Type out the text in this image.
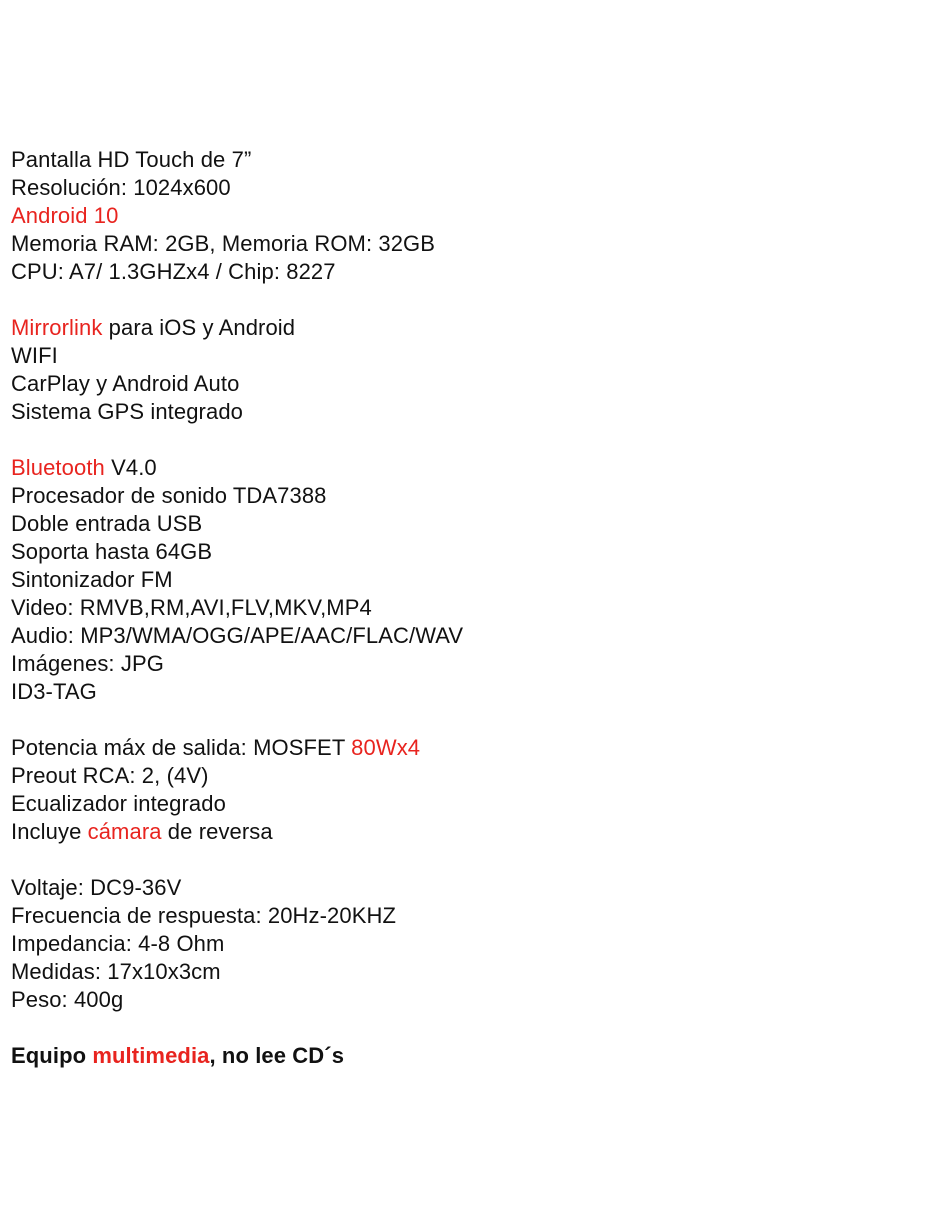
Pantalla HD Touch de 7”
Resolución: 1024x600
Android 10
Memoria RAM: 2GB, Memoria ROM: 32GB
CPU: A7/ 1.3GHZx4 / Chip: 8227
Mirrorlink para iOS y Android
WIFI
CarPlay y Android Auto
Sistema GPS integrado
Bluetooth V4.0
Procesador de sonido TDA7388
Doble entrada USB
Soporta hasta 64GB
Sintonizador FM
Video: RMVB,RM,AVI,FLV,MKV,MP4
Audio: MP3/WMA/OGG/APE/AAC/FLAC/WAV
Imágenes: JPG
ID3-TAG
Potencia máx de salida: MOSFET 80Wx4
Preout RCA: 2, (4V)
Ecualizador integrado
Incluye cámara de reversa
Voltaje: DC9-36V
Frecuencia de respuesta: 20Hz-20KHZ
Impedancia: 4-8 Ohm
Medidas: 17x10x3cm
Peso: 400g
Equipo multimedia, no lee CD´s
